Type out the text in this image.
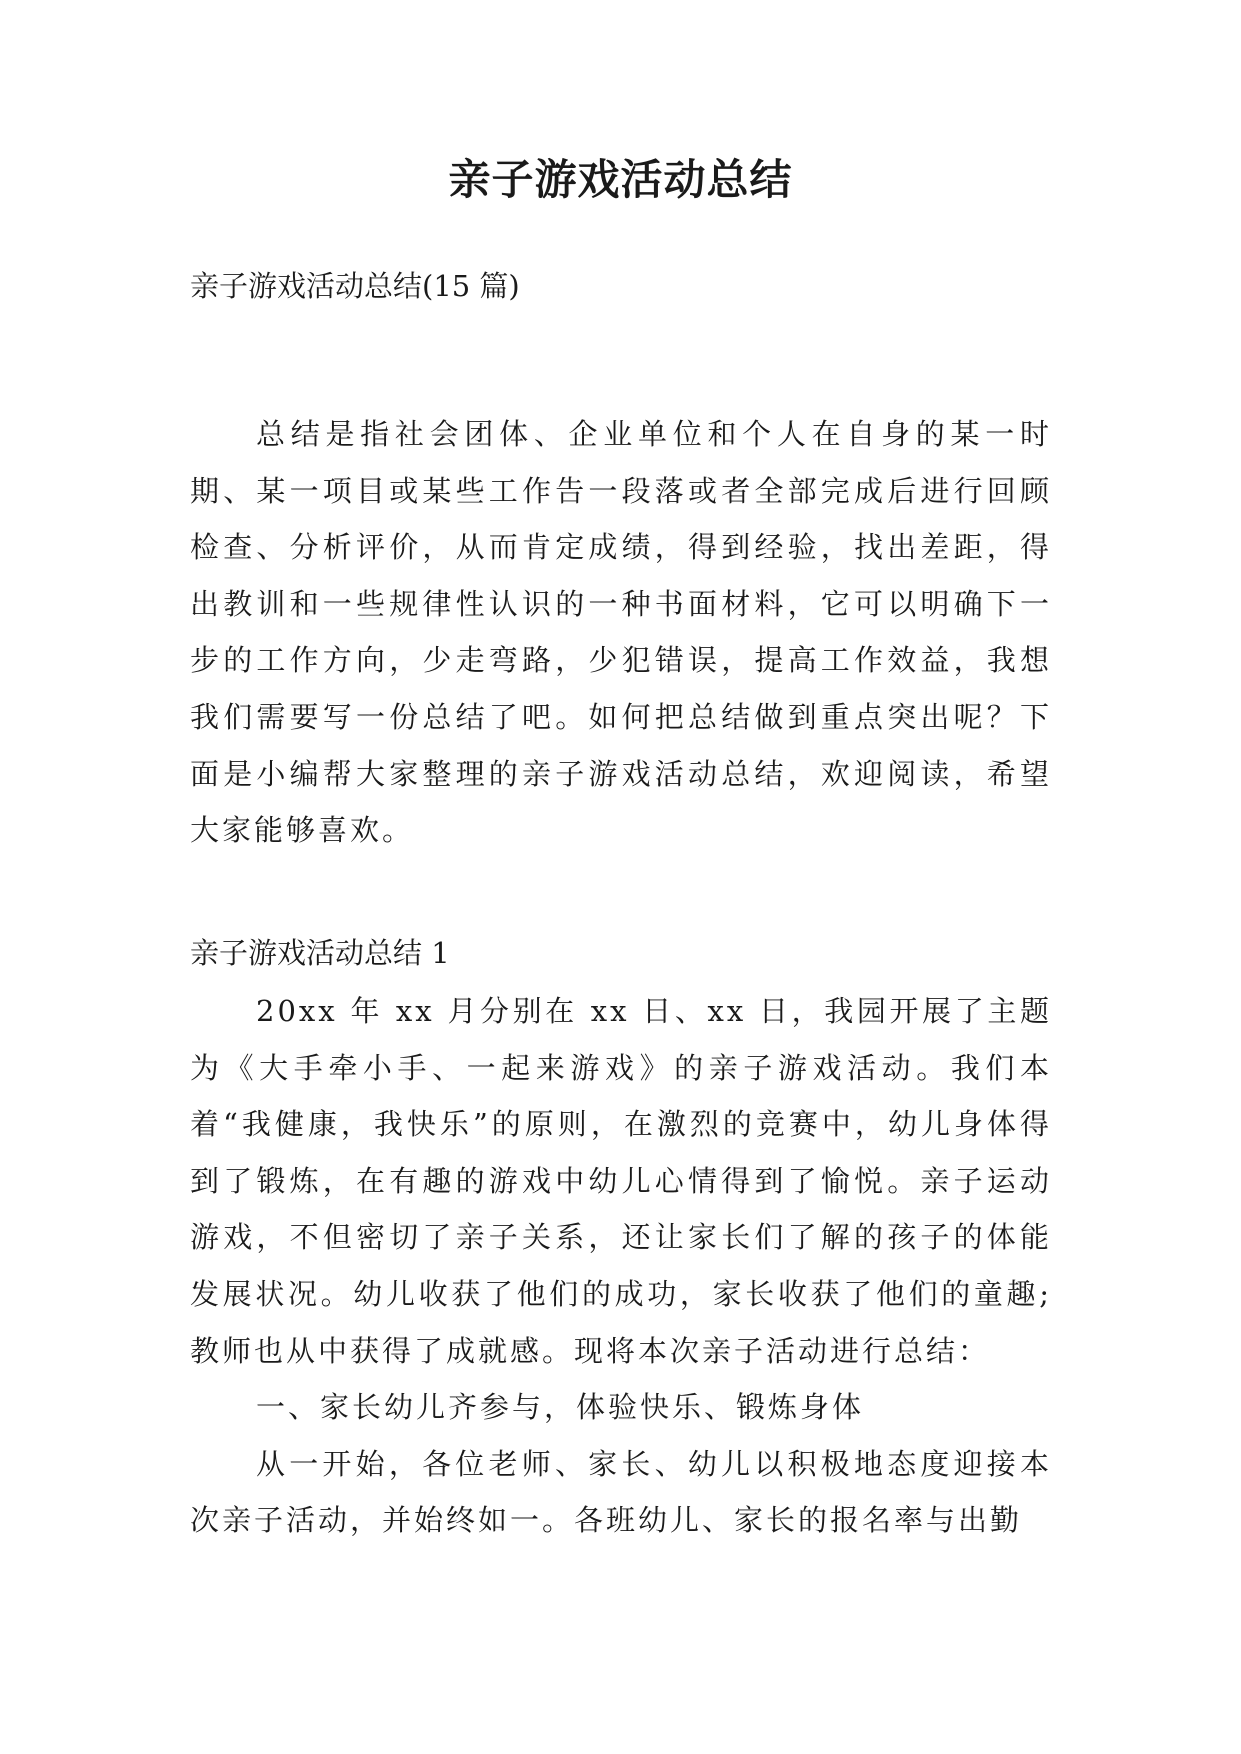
亲子游戏活动总结

亲子游戏活动总结(15 篇)

总结是指社会团体、企业单位和个人在自身的某一时期、某一项目或某些工作告一段落或者全部完成后进行回顾检查、分析评价，从而肯定成绩，得到经验，找出差距，得出教训和一些规律性认识的一种书面材料，它可以明确下一步的工作方向，少走弯路，少犯错误，提高工作效益，我想我们需要写一份总结了吧。如何把总结做到重点突出呢？下面是小编帮大家整理的亲子游戏活动总结，欢迎阅读，希望大家能够喜欢。

亲子游戏活动总结 1

20xx 年 xx 月分别在 xx 日、xx 日，我园开展了主题为《大手牵小手、一起来游戏》的亲子游戏活动。我们本着“我健康，我快乐”的原则，在激烈的竞赛中，幼儿身体得到了锻炼，在有趣的游戏中幼儿心情得到了愉悦。亲子运动游戏，不但密切了亲子关系，还让家长们了解的孩子的体能发展状况。幼儿收获了他们的成功，家长收获了他们的童趣;教师也从中获得了成就感。现将本次亲子活动进行总结：

一、家长幼儿齐参与，体验快乐、锻炼身体

从一开始，各位老师、家长、幼儿以积极地态度迎接本次亲子活动，并始终如一。各班幼儿、家长的报名率与出勤
